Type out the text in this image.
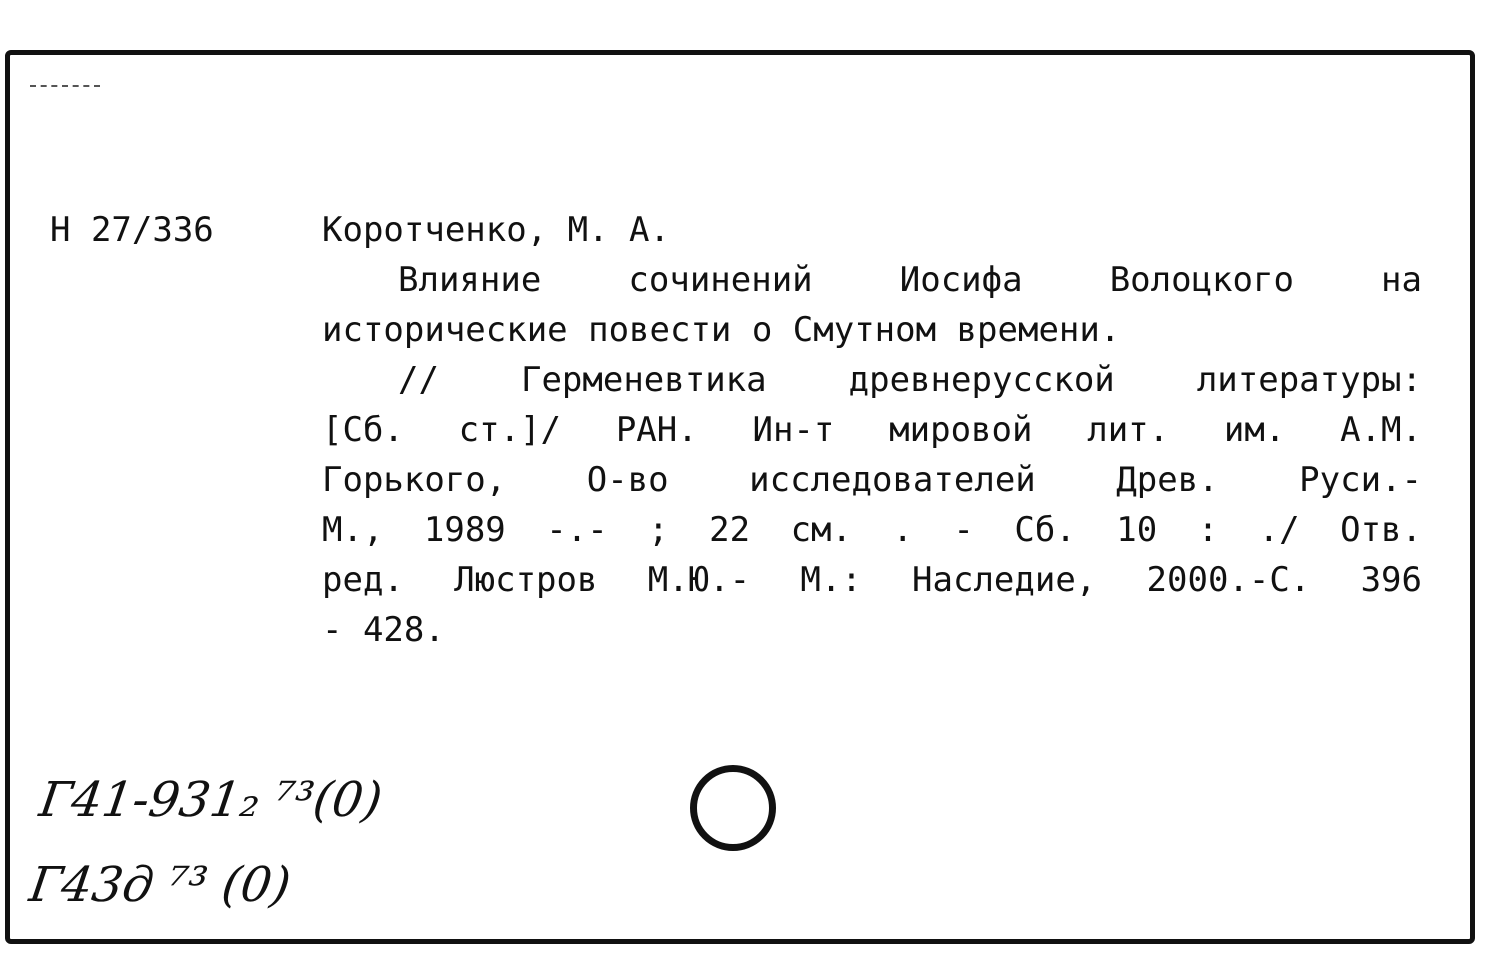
Н 27/336	Коротченко, М. А.
Влияние сочинений Иосифа Волоцкого на
исторические повести о Смутном времени.
// Герменевтика древнерусской литературы:
[Сб. ст.]/ РАН. Ин-т мировой лит. им. А.М.
Горького, О-во исследователей Древ. Руси.-
М., 1989 -.- ; 22 см. . - Сб. 10 : ./ Отв.
ред. Люстров М.Ю.- М.: Наследие, 2000.-С. 396
- 428.
Г41-931₂ ⁷³(0)
Г43д ⁷³ (0)
